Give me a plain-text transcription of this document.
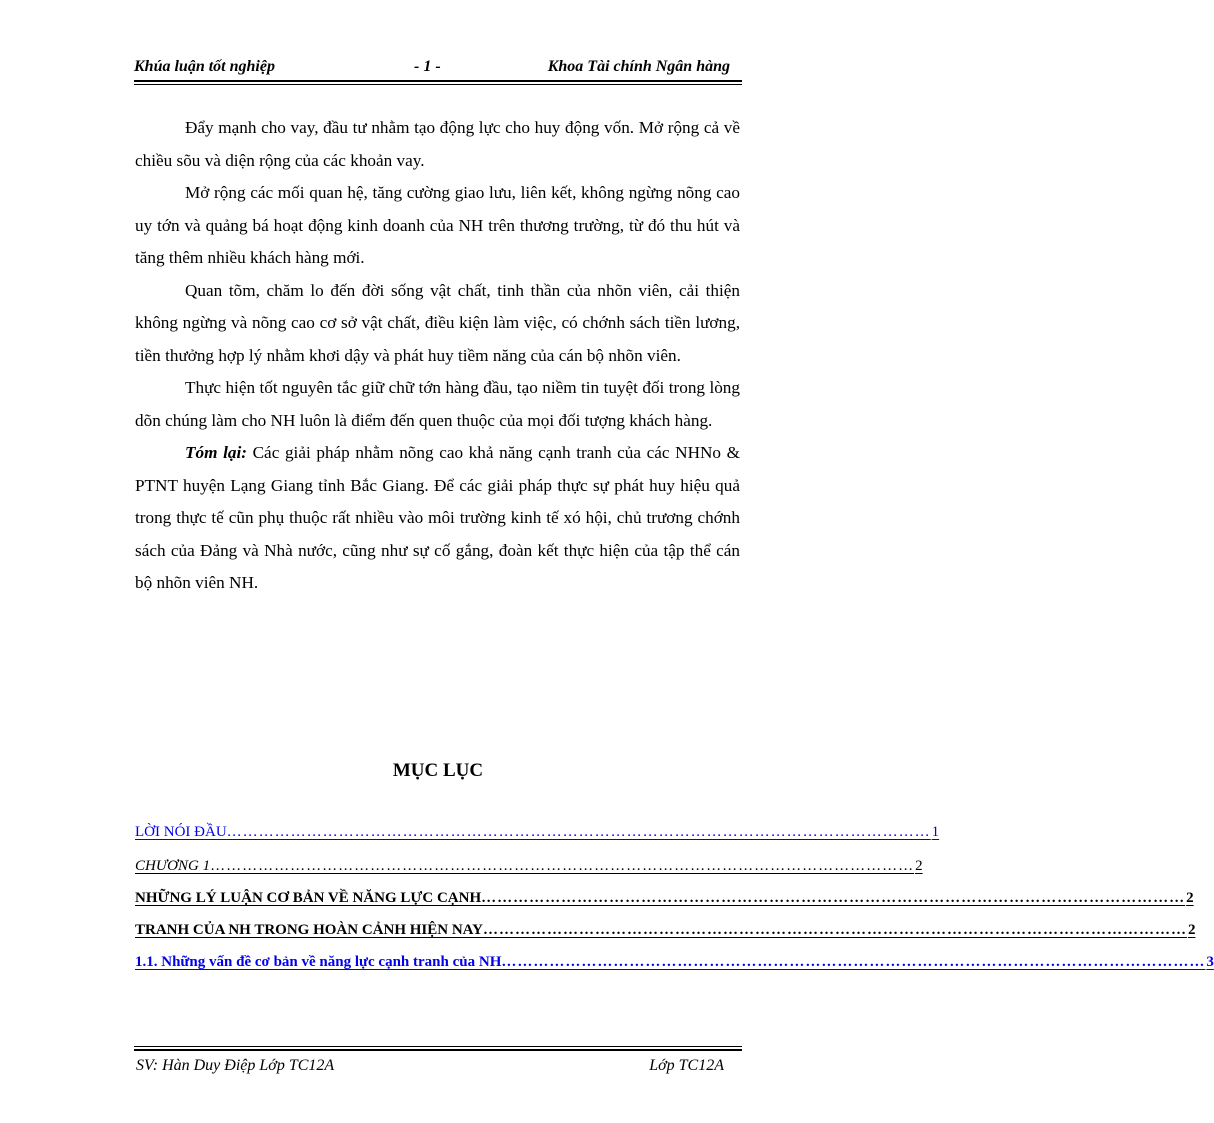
Khúa luận tốt nghiệp	- 1 -	Khoa Tài chính Ngân hàng

Đẩy mạnh cho vay, đầu tư nhằm tạo động lực cho huy động vốn. Mở rộng cả về chiều sõu và diện rộng của các khoản vay.

Mở rộng các mối quan hệ, tăng cường giao lưu, liên kết, không ngừng nõng cao uy tớn và quảng bá hoạt động kinh doanh của NH trên thương trường, từ đó thu hút và tăng thêm nhiều khách hàng mới.

Quan tõm, chăm lo đến đời sống vật chất, tinh thần của nhõn viên, cải thiện không ngừng và nõng cao cơ sở vật chất, điều kiện làm việc, có chớnh sách tiền lương, tiền thưởng hợp lý nhằm khơi dậy và phát huy tiềm năng của cán bộ nhõn viên.

Thực hiện tốt nguyên tắc giữ chữ tớn hàng đầu, tạo niềm tin tuyệt đối trong lòng dõn chúng làm cho NH luôn là điểm đến quen thuộc của mọi đối tượng khách hàng.

Tóm lại: Các giải pháp nhằm nõng cao khả năng cạnh tranh của các NHNo & PTNT huyện Lạng Giang tỉnh Bắc Giang. Để các giải pháp thực sự phát huy hiệu quả trong thực tế cũn phụ thuộc rất nhiều vào môi trường kinh tế xó hội, chủ trương chớnh sách của Đảng và Nhà nước, cũng như sự cố gắng, đoàn kết thực hiện của tập thể cán bộ nhõn viên NH.

MỤC LỤC
LỜI NÓI ĐẦU …………………………………………………………………………………………………………………… 1
CHƯƠNG 1 …………………………………………………………………………………………………………………… 2
NHỮNG LÝ LUẬN CƠ BẢN VỀ NĂNG LỰC CẠNH …………………………………………………………………………………………………………………… 2
TRANH CỦA NH TRONG HOÀN CẢNH HIỆN NAY …………………………………………………………………………………………………………………… 2
1.1. Những vấn đề cơ bản về năng lực cạnh tranh của NH …………………………………………………………………………………………………………………… 3
SV: Hàn Duy Điệp Lớp TC12A	Lớp TC12A
